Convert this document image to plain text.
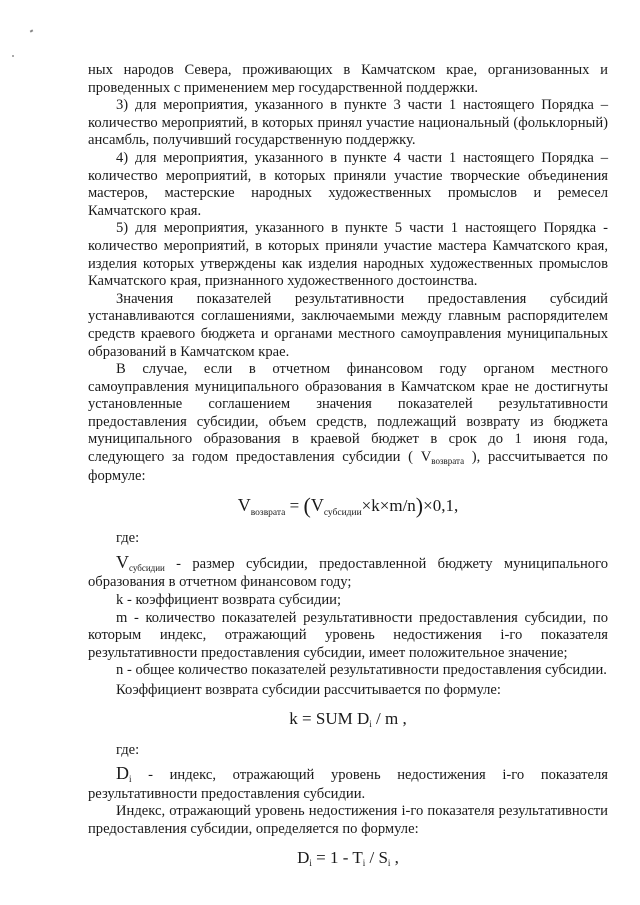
ных народов Севера, проживающих в Камчатском крае, организованных и проведенных с применением мер государственной поддержки.

3) для мероприятия, указанного в пункте 3 части 1 настоящего Порядка – количество мероприятий, в которых принял участие национальный (фольклорный) ансамбль, получивший государственную поддержку.

4) для мероприятия, указанного в пункте 4 части 1 настоящего Порядка – количество мероприятий, в которых приняли участие творческие объединения мастеров, мастерские народных художественных промыслов и ремесел Камчатского края.

5) для мероприятия, указанного в пункте 5 части 1 настоящего Порядка - количество мероприятий, в которых приняли участие мастера Камчатского края, изделия которых утверждены как изделия народных художественных промыслов Камчатского края, признанного художественного достоинства.

Значения показателей результативности предоставления субсидий устанавливаются соглашениями, заключаемыми между главным распорядителем средств краевого бюджета и органами местного самоуправления муниципальных образований в Камчатском крае.

В случае, если в отчетном финансовом году органом местного самоуправления муниципального образования в Камчатском крае не достигнуты установленные соглашением значения показателей результативности предоставления субсидии, объем средств, подлежащий возврату из бюджета муниципального образования в краевой бюджет в срок до 1 июня года, следующего за годом предоставления субсидии ( $V_{возврата}$ ), рассчитывается по формуле:

$V_{возврата} = (V_{субсидии}\times k\times m/n)\times 0,1$,

где:

$V_{субсидии}$ - размер субсидии, предоставленной бюджету муниципального образования в отчетном финансовом году;

k - коэффициент возврата субсидии;

m - количество показателей результативности предоставления субсидии, по которым индекс, отражающий уровень недостижения i-го показателя результативности предоставления субсидии, имеет положительное значение;

n - общее количество показателей результативности предоставления субсидии.

Коэффициент возврата субсидии рассчитывается по формуле:

k = SUM Di / m ,

где:

$D_i$ - индекс, отражающий уровень недостижения i-го показателя результативности предоставления субсидии.

Индекс, отражающий уровень недостижения i-го показателя результативности предоставления субсидии, определяется по формуле:

Di = 1 - Ti / Si ,
